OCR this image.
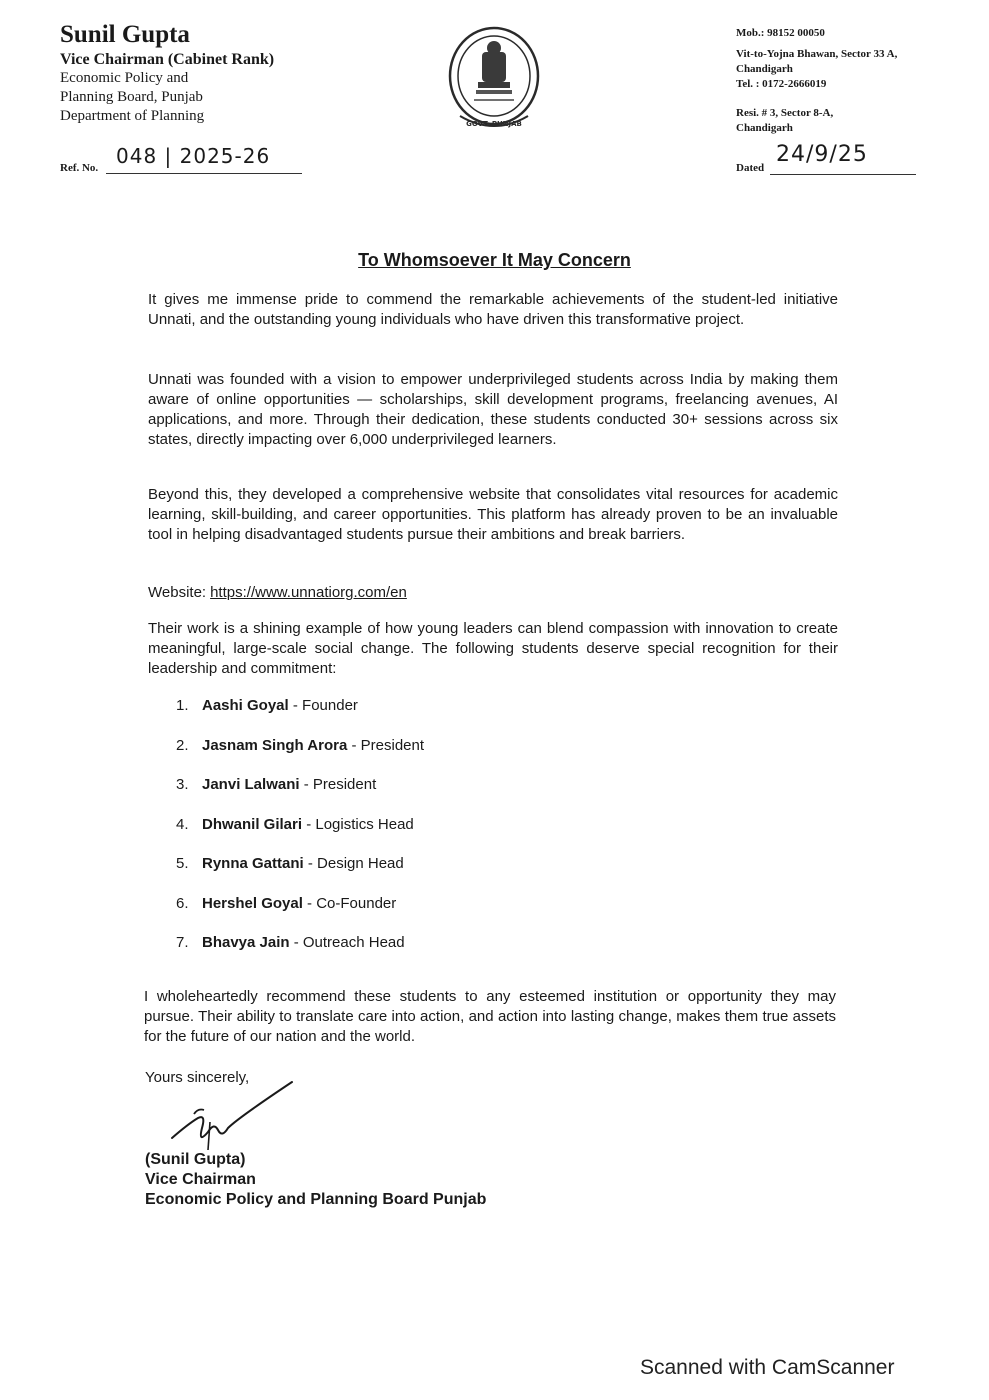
Sunil Gupta
Vice Chairman (Cabinet Rank)
Economic Policy and
Planning Board, Punjab
Department of Planning
Ref. No. 048 | 2025-26
GOVT. PUNJAB
Mob.: 98152 00050
Vit-to-Yojna Bhawan, Sector 33 A,
Chandigarh
Tel. : 0172-2666019
Resi. # 3, Sector 8-A,
Chandigarh
Dated
24/9/25
To Whomsoever It May Concern
It gives me immense pride to commend the remarkable achievements of the student-led initiative Unnati, and the outstanding young individuals who have driven this transformative project.
Unnati was founded with a vision to empower underprivileged students across India by making them aware of online opportunities — scholarships, skill development programs, freelancing avenues, AI applications, and more. Through their dedication, these students conducted 30+ sessions across six states, directly impacting over 6,000 underprivileged learners.
Beyond this, they developed a comprehensive website that consolidates vital resources for academic learning, skill-building, and career opportunities. This platform has already proven to be an invaluable tool in helping disadvantaged students pursue their ambitions and break barriers.
Website: https://www.unnatiorg.com/en
Their work is a shining example of how young leaders can blend compassion with innovation to create meaningful, large-scale social change. The following students deserve special recognition for their leadership and commitment:
1. Aashi Goyal - Founder
2. Jasnam Singh Arora - President
3. Janvi Lalwani - President
4. Dhwanil Gilari - Logistics Head
5. Rynna Gattani - Design Head
6. Hershel Goyal - Co-Founder
7. Bhavya Jain - Outreach Head
I wholeheartedly recommend these students to any esteemed institution or opportunity they may pursue. Their ability to translate care into action, and action into lasting change, makes them true assets for the future of our nation and the world.
Yours sincerely,
(Sunil Gupta)
Vice Chairman
Economic Policy and Planning Board Punjab
Scanned with CamScanner
